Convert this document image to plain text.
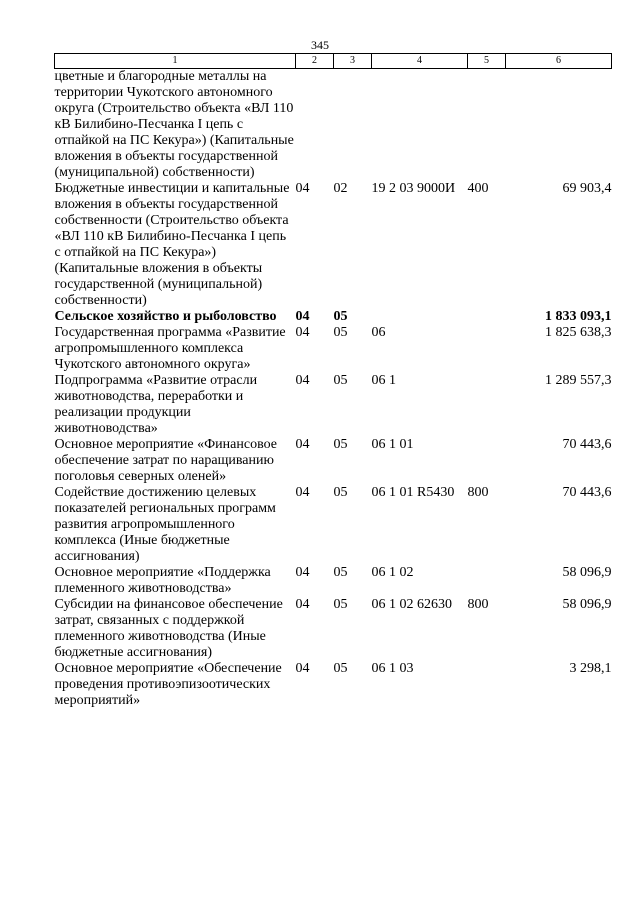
345
1	2	3	4	5	6
цветные и благородные металлы на территории Чукотского автономного округа (Строительство объекта «ВЛ 110 кВ Билибино-Песчанка I цепь с отпайкой на ПС Кекура») (Капитальные вложения в объекты государственной (муниципальной) собственности)					
Бюджетные инвестиции и капитальные вложения в объекты государственной собственности (Строительство объекта «ВЛ 110 кВ Билибино-Песчанка I цепь с отпайкой на ПС Кекура») (Капитальные вложения в объекты государственной (муниципальной) собственности)	04	02	19 2 03 9000И	400	69 903,4
Сельское хозяйство и рыболовство	04	05			1 833 093,1
Государственная программа «Развитие агропромышленного комплекса Чукотского автономного округа»	04	05	06		1 825 638,3
Подпрограмма «Развитие отрасли животноводства, переработки и реализации продукции животноводства»	04	05	06 1		1 289 557,3
Основное мероприятие «Финансовое обеспечение затрат по наращиванию поголовья северных оленей»	04	05	06 1 01		70 443,6
Содействие достижению целевых показателей региональных программ развития агропромышленного комплекса (Иные бюджетные ассигнования)	04	05	06 1 01 R5430	800	70 443,6
Основное мероприятие «Поддержка племенного животноводства»	04	05	06 1 02		58 096,9
Субсидии на финансовое обеспечение затрат, связанных с поддержкой племенного животноводства (Иные бюджетные ассигнования)	04	05	06 1 02 62630	800	58 096,9
Основное мероприятие «Обеспечение проведения противоэпизоотических мероприятий»	04	05	06 1 03		3 298,1
